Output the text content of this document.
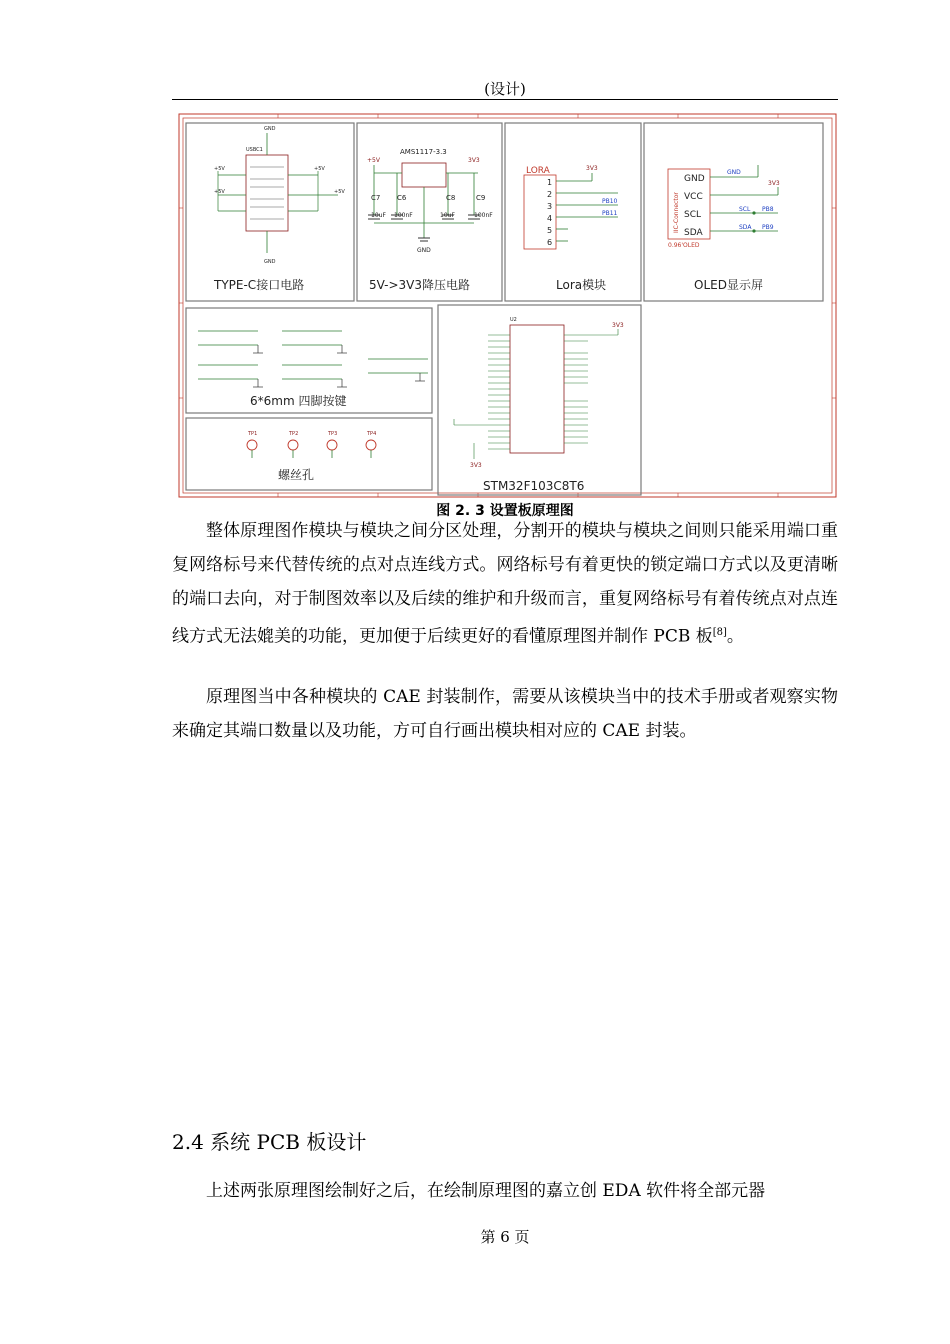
(设计)
USBC1
GND
GND
+5V
+5V
+5V
+5V
TYPE-C接口电路
AMS1117-3.3
+5V	3V3
C7 C6	C8	C9
10uF 100nF	10uF	100nF
GND
5V->3V3降压电路
LORA
1
2
3
4
5
6
3V3
PB10
PB11
Lora模块
IIC-Connector
GND
VCC
SCL
SDA
0.96'OLED
GND
3V3
SCL PB8
SDA PB9
OLED显示屏
6*6mm 四脚按键
TP1	TP2	TP3	TP4
螺丝孔
U2
3V3
3V3
STM32F103C8T6
图 2. 3 设置板原理图
整体原理图作模块与模块之间分区处理，分割开的模块与模块之间则只能采用端口重复网络标号来代替传统的点对点连线方式。网络标号有着更快的锁定端口方式以及更清晰的端口去向，对于制图效率以及后续的维护和升级而言，重复网络标号有着传统点对点连线方式无法媲美的功能，更加便于后续更好的看懂原理图并制作 PCB 板[8]。
原理图当中各种模块的 CAE 封装制作，需要从该模块当中的技术手册或者观察实物来确定其端口数量以及功能，方可自行画出模块相对应的 CAE 封装。
2.4 系统 PCB 板设计
上述两张原理图绘制好之后，在绘制原理图的嘉立创 EDA 软件将全部元器
第 6 页
